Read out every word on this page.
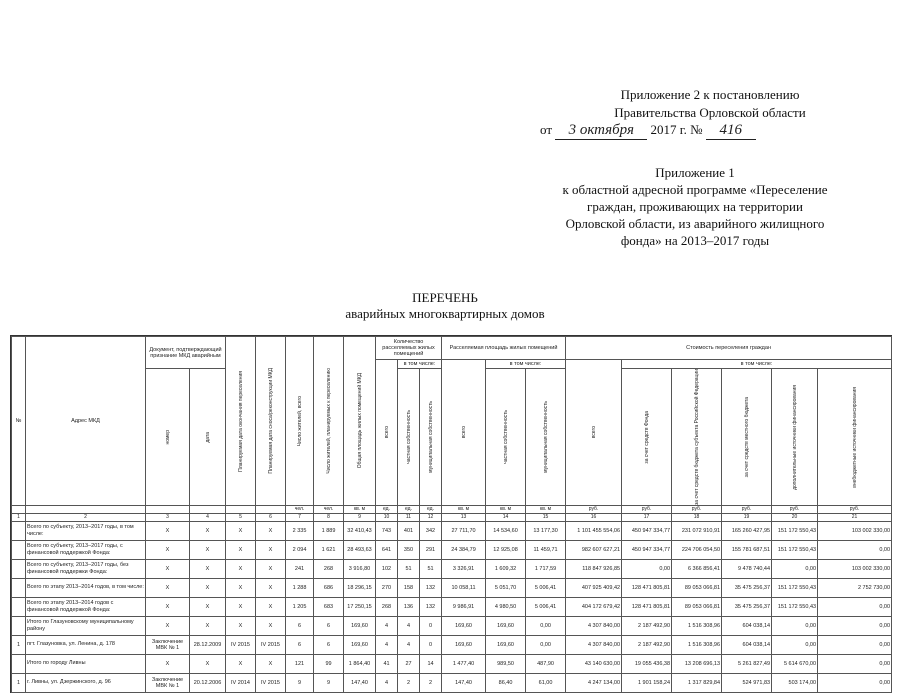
Приложение 2 к постановлению
Правительства Орловской области
от 3 октября 2017 г. № 416
Приложение 1
к областной адресной программе «Переселение
граждан, проживающих на территории
Орловской области, из аварийного жилищного
фонда» на 2013–2017 годы
ПЕРЕЧЕНЬ
аварийных многоквартирных домов
№	Адрес МКД	Документ, подтверждающий признание МКД аварийным		Планируемая дата окончания переселения	Планируемая дата сноса/реконструкции МКД	Число жителей, всего	Число жителей, планируемых к переселению	Общая площадь жилых помещений МКД	Количество расселяемых жилых помещений			Расселяемая площадь жилых помещений			Стоимость переселения граждан					

									всего	в том числе:		всего	в том числе:		всего	в том числе:				

		номер	дата							частная собственность	муниципальная собственность		частная собственность	муниципальная собственность		за счет средств Фонда	за счет средств бюджета субъекта Российской Федерации	за счет средств местного бюджета	дополнительные источники финансирования	внебюджетные источники финансирования

						чел.	чел.	кв. м	ед.	ед.	ед.	кв. м	кв. м	кв. м	руб.	руб.	руб.	руб.	руб.	руб.
1	2	3	4	5	6	7	8	9	10	11	12	13	14	15	16	17	18	19	20	21
	Всего по субъекту, 2013–2017 годы, в том числе:	X	X	X	X	2 335	1 889	32 410,43	743	401	342	27 711,70	14 534,60	13 177,30	1 101 455 554,06	450 947 334,77	231 072 910,91	165 260 427,95	151 172 550,43	103 002 330,00
	Всего по субъекту, 2013–2017 годы, с финансовой поддержкой Фонда:	X	X	X	X	2 094	1 621	28 493,63	641	350	291	24 384,79	12 925,08	11 459,71	982 607 627,21	450 947 334,77	224 706 054,50	155 781 687,51	151 172 550,43	0,00
	Всего по субъекту, 2013–2017 годы, без финансовой поддержки Фонда:	X	X	X	X	241	268	3 916,80	102	51	51	3 326,91	1 609,32	1 717,59	118 847 926,85	0,00	6 366 856,41	9 478 740,44	0,00	103 002 330,00
	Всего по этапу 2013–2014 годов, в том числе:	X	X	X	X	1 288	686	18 296,15	270	158	132	10 058,11	5 051,70	5 006,41	407 925 409,42	128 471 805,81	89 053 066,81	35 475 256,37	151 172 550,43	2 752 730,00
	Всего по этапу 2013–2014 годов с финансовой поддержкой Фонда:	X	X	X	X	1 205	683	17 250,15	268	136	132	9 986,91	4 980,50	5 006,41	404 172 679,42	128 471 805,81	89 053 066,81	35 475 256,37	151 172 550,43	0,00
	Итого по Глазуновскому муниципальному району	X	X	X	X	6	6	169,60	4	4	0	169,60	169,60	0,00	4 307 840,00	2 187 492,90	1 516 308,96	604 038,14	0,00	0,00
1	пгт. Глазуновка, ул. Ленина, д. 178	Заключение МВК № 1	28.12.2009	IV 2015	IV 2015	6	6	169,60	4	4	0	169,60	169,60	0,00	4 307 840,00	2 187 492,90	1 516 308,96	604 038,14	0,00	0,00
	Итого по городу Ливны	X	X	X	X	121	99	1 864,40	41	27	14	1 477,40	989,50	487,90	43 140 630,00	19 055 436,38	13 208 696,13	5 261 827,49	5 614 670,00	0,00
1	г. Ливны, ул. Дзержинского, д. 96	Заключение МВК № 1	20.12.2006	IV 2014	IV 2015	9	9	147,40	4	2	2	147,40	86,40	61,00	4 247 134,00	1 901 158,24	1 317 829,84	524 971,83	503 174,00	0,00
